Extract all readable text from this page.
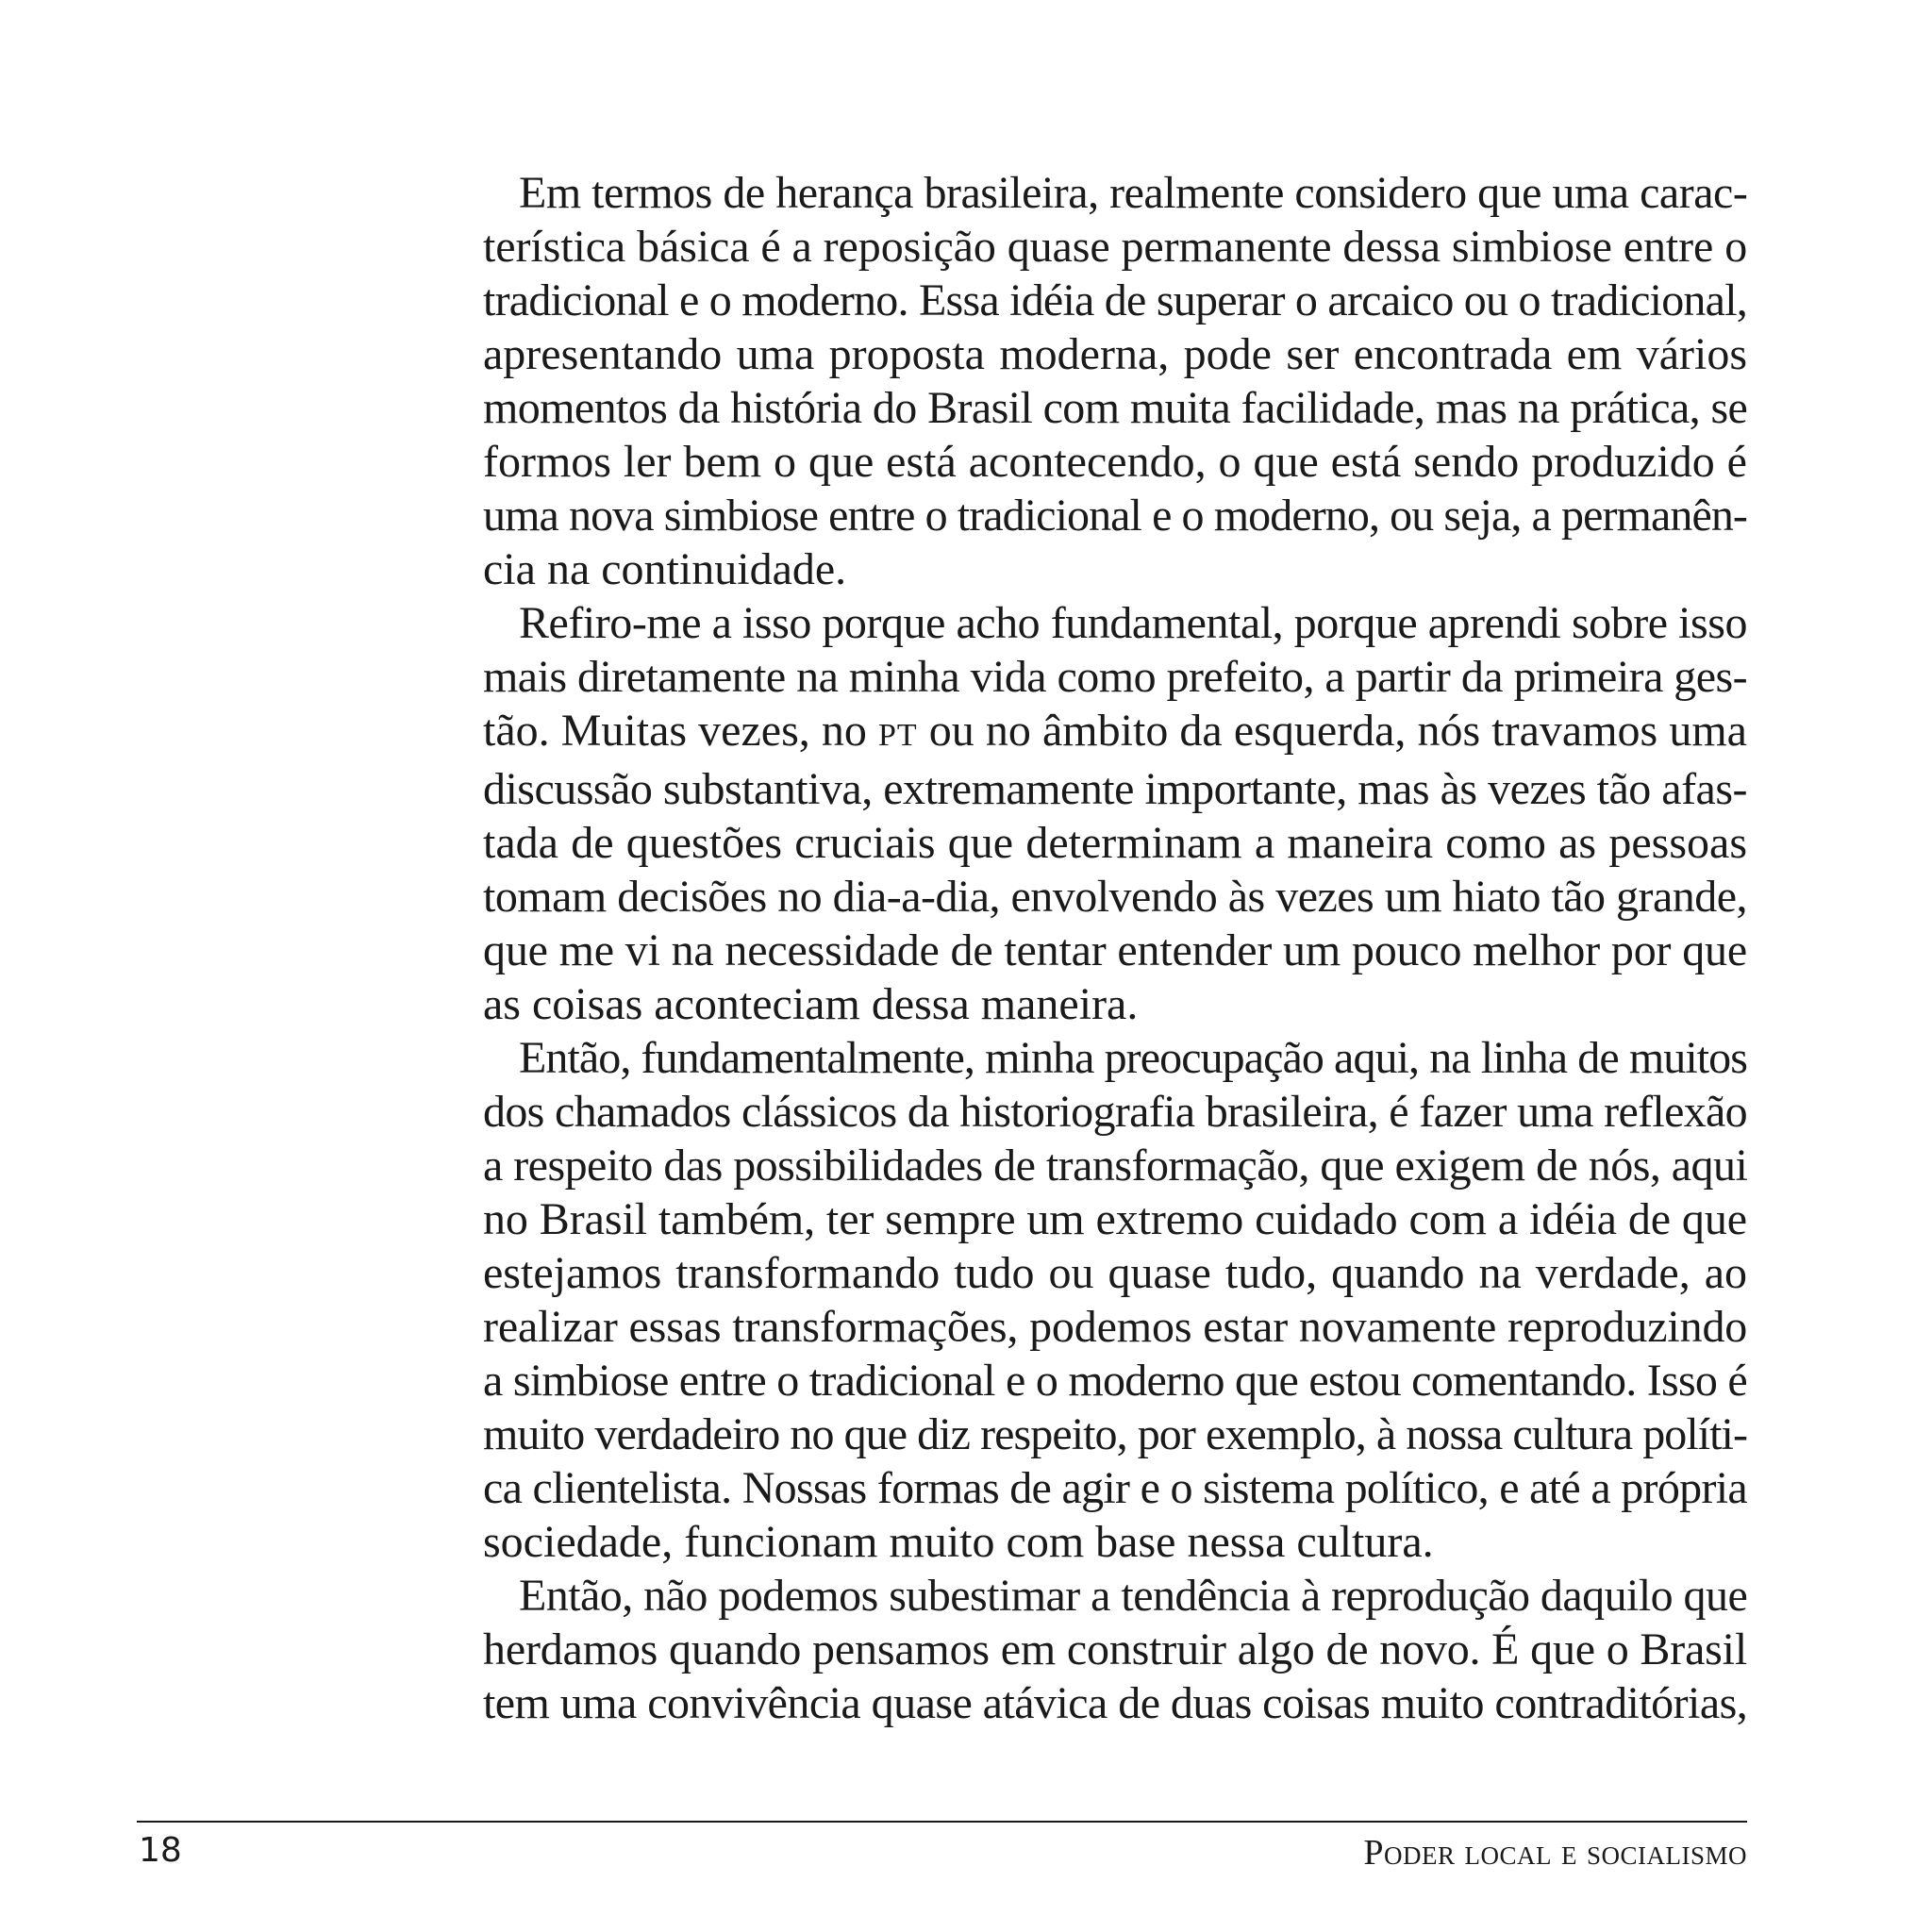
Em termos de herança brasileira, realmente considero que uma carac-
terística básica é a reposição quase permanente dessa simbiose entre o
tradicional e o moderno. Essa idéia de superar o arcaico ou o tradicional,
apresentando uma proposta moderna, pode ser encontrada em vários
momentos da história do Brasil com muita facilidade, mas na prática, se
formos ler bem o que está acontecendo, o que está sendo produzido é
uma nova simbiose entre o tradicional e o moderno, ou seja, a permanên-
cia na continuidade.

Refiro-me a isso porque acho fundamental, porque aprendi sobre isso
mais diretamente na minha vida como prefeito, a partir da primeira ges-
tão. Muitas vezes, no PT ou no âmbito da esquerda, nós travamos uma
discussão substantiva, extremamente importante, mas às vezes tão afas-
tada de questões cruciais que determinam a maneira como as pessoas
tomam decisões no dia-a-dia, envolvendo às vezes um hiato tão grande,
que me vi na necessidade de tentar entender um pouco melhor por que
as coisas aconteciam dessa maneira.

Então, fundamentalmente, minha preocupação aqui, na linha de muitos
dos chamados clássicos da historiografia brasileira, é fazer uma reflexão
a respeito das possibilidades de transformação, que exigem de nós, aqui
no Brasil também, ter sempre um extremo cuidado com a idéia de que
estejamos transformando tudo ou quase tudo, quando na verdade, ao
realizar essas transformações, podemos estar novamente reproduzindo
a simbiose entre o tradicional e o moderno que estou comentando. Isso é
muito verdadeiro no que diz respeito, por exemplo, à nossa cultura políti-
ca clientelista. Nossas formas de agir e o sistema político, e até a própria
sociedade, funcionam muito com base nessa cultura.

Então, não podemos subestimar a tendência à reprodução daquilo que
herdamos quando pensamos em construir algo de novo. É que o Brasil
tem uma convivência quase atávica de duas coisas muito contraditórias,

18	Poder local e socialismo
